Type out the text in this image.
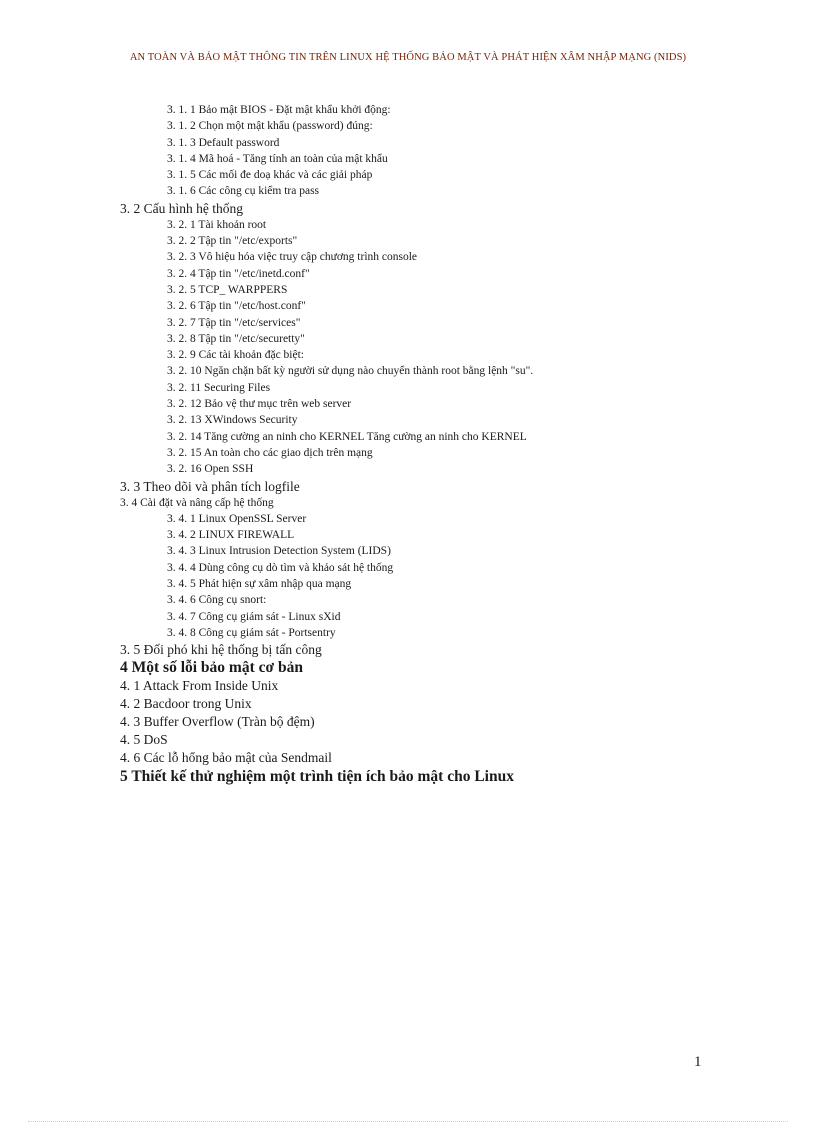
AN TOÀN VÀ BẢO MẬT THÔNG TIN TRÊN LINUX HỆ THỐNG BẢO MẬT VÀ PHÁT HIỆN XÂM NHẬP MẠNG (NIDS)
3. 1. 1 Bảo mật BIOS - Đặt mật khẩu khởi động:
3. 1. 2 Chọn một mật khẩu (password) đúng:
3. 1. 3 Default password
3. 1. 4 Mã hoá - Tăng tính an toàn của mật khẩu
3. 1. 5 Các mối đe doạ khác và các giải pháp
3. 1. 6 Các công cụ kiểm tra pass
3. 2 Cấu hình hệ thống
3. 2. 1 Tài khoản root
3. 2. 2 Tập tin "/etc/exports"
3. 2. 3 Vô hiệu hóa việc truy cập chương trình console
3. 2. 4 Tập tin "/etc/inetd.conf"
3. 2. 5 TCP_ WARPPERS
3. 2. 6 Tập tin "/etc/host.conf"
3. 2. 7 Tập tin "/etc/services"
3. 2. 8 Tập tin "/etc/securetty"
3. 2. 9 Các tài khoản đặc biệt:
3. 2. 10 Ngăn chặn bất kỳ người sử dụng nào chuyển thành root bằng lệnh "su".
3. 2. 11 Securing Files
3. 2. 12 Bảo vệ thư mục trên web server
3. 2. 13 XWindows Security
3. 2. 14 Tăng cường an ninh cho KERNEL Tăng cường an ninh cho KERNEL
3. 2. 15 An toàn cho các giao dịch trên mạng
3. 2. 16 Open SSH
3. 3 Theo dõi và phân tích logfile
3. 4 Cài đặt và nâng cấp hệ thống
3. 4. 1 Linux OpenSSL Server
3. 4. 2 LINUX FIREWALL
3. 4. 3 Linux Intrusion Detection System (LIDS)
3. 4. 4 Dùng công cụ dò tìm và khảo sát hệ thống
3. 4. 5 Phát hiện sự xâm nhập qua mạng
3. 4. 6 Công cụ snort:
3. 4. 7 Công cụ giám sát - Linux sXid
3. 4. 8 Công cụ giám sát - Portsentry
3. 5 Đối phó khi hệ thống bị tấn công
4 Một số lỗi bảo mật cơ bản
4. 1 Attack From Inside Unix
4. 2 Bacdoor trong Unix
4. 3 Buffer Overflow (Tràn bộ đệm)
4. 5 DoS
4. 6 Các lỗ hổng bảo mật của Sendmail
5 Thiết kế thử nghiệm một trình tiện ích bảo mật cho Linux
1
